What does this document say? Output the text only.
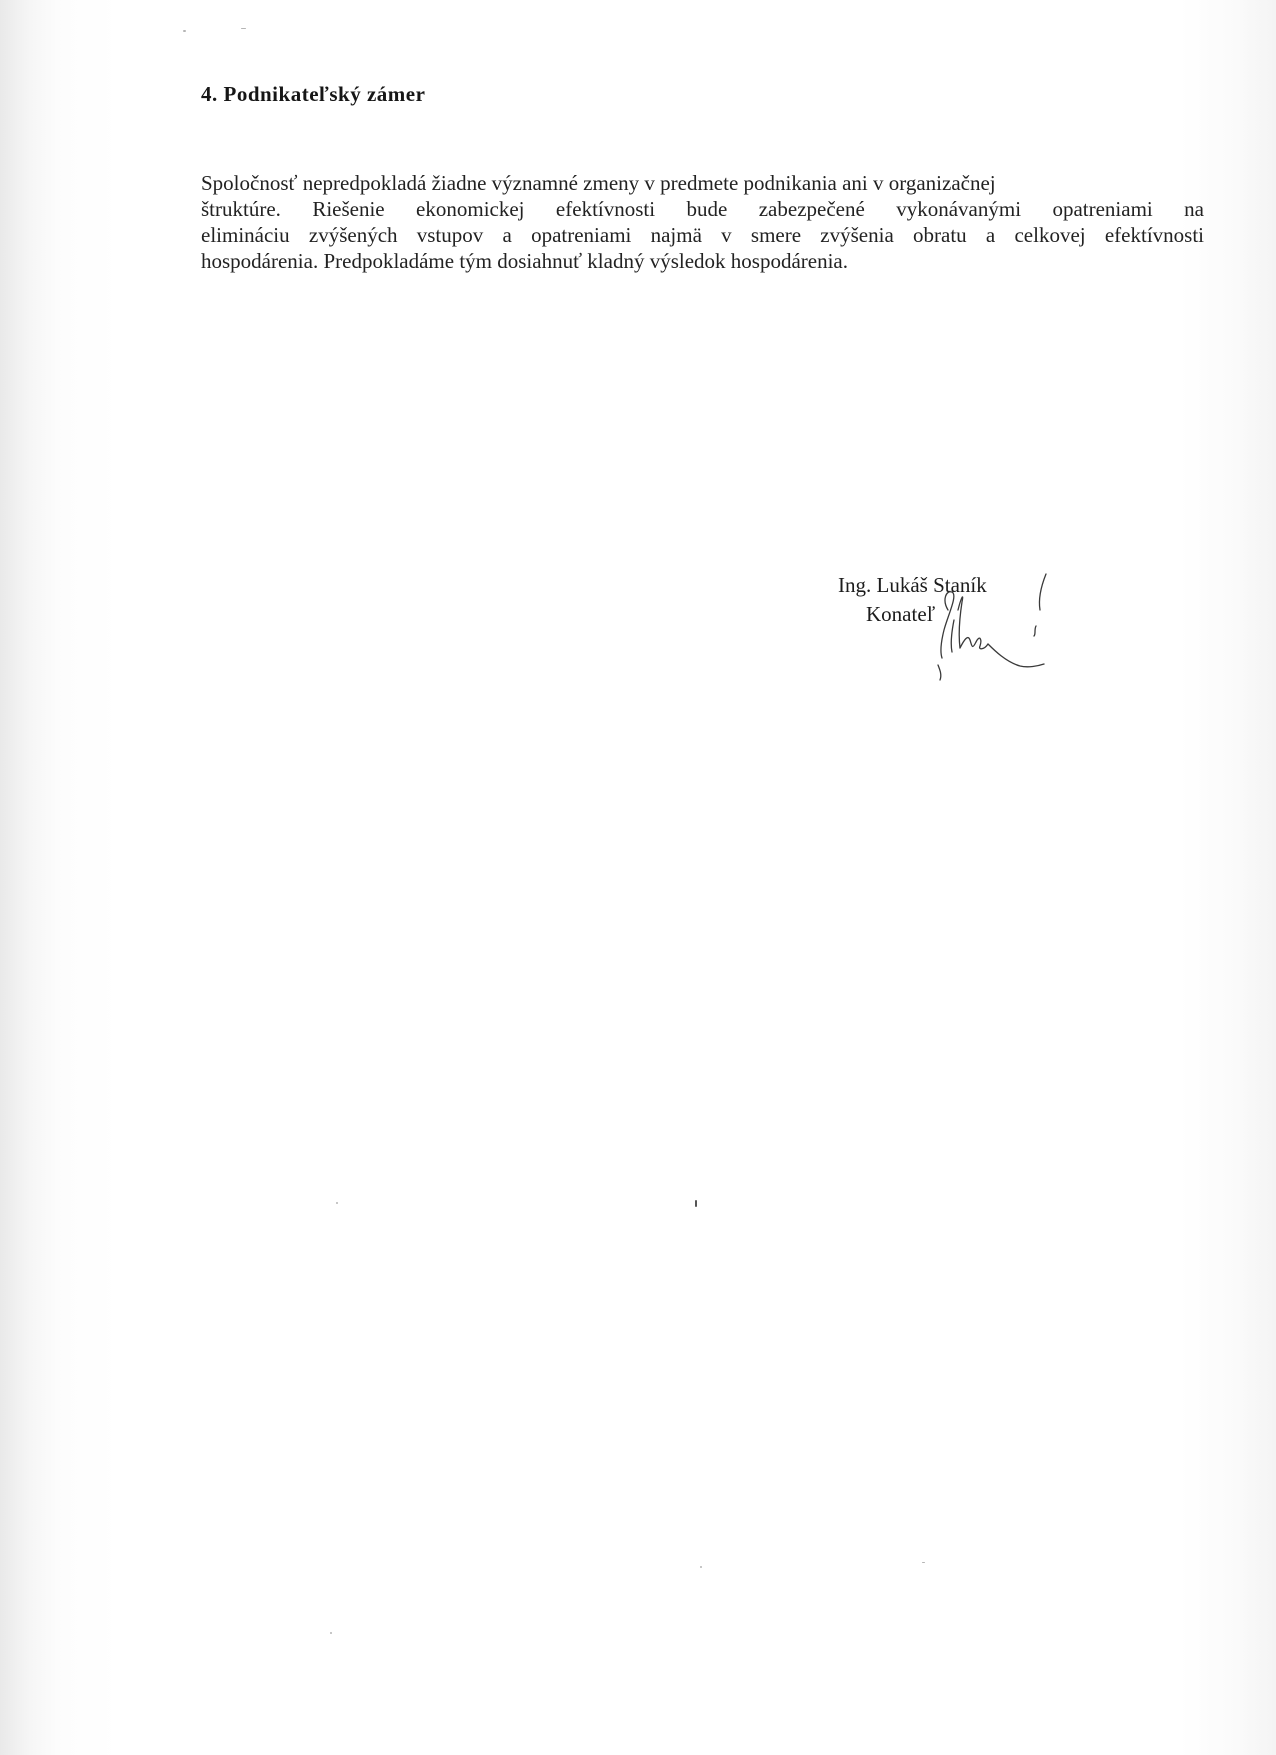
4. Podnikateľský zámer
Spoločnosť nepredpokladá žiadne významné zmeny v predmete podnikania ani v organizačnej
štruktúre. Riešenie ekonomickej efektívnosti bude zabezpečené vykonávanými opatreniami na
elimináciu zvýšených vstupov a opatreniami najmä v smere zvýšenia obratu a celkovej efektívnosti
hospodárenia. Predpokladáme tým dosiahnuť kladný výsledok hospodárenia.
Ing. Lukáš Staník
Konateľ
